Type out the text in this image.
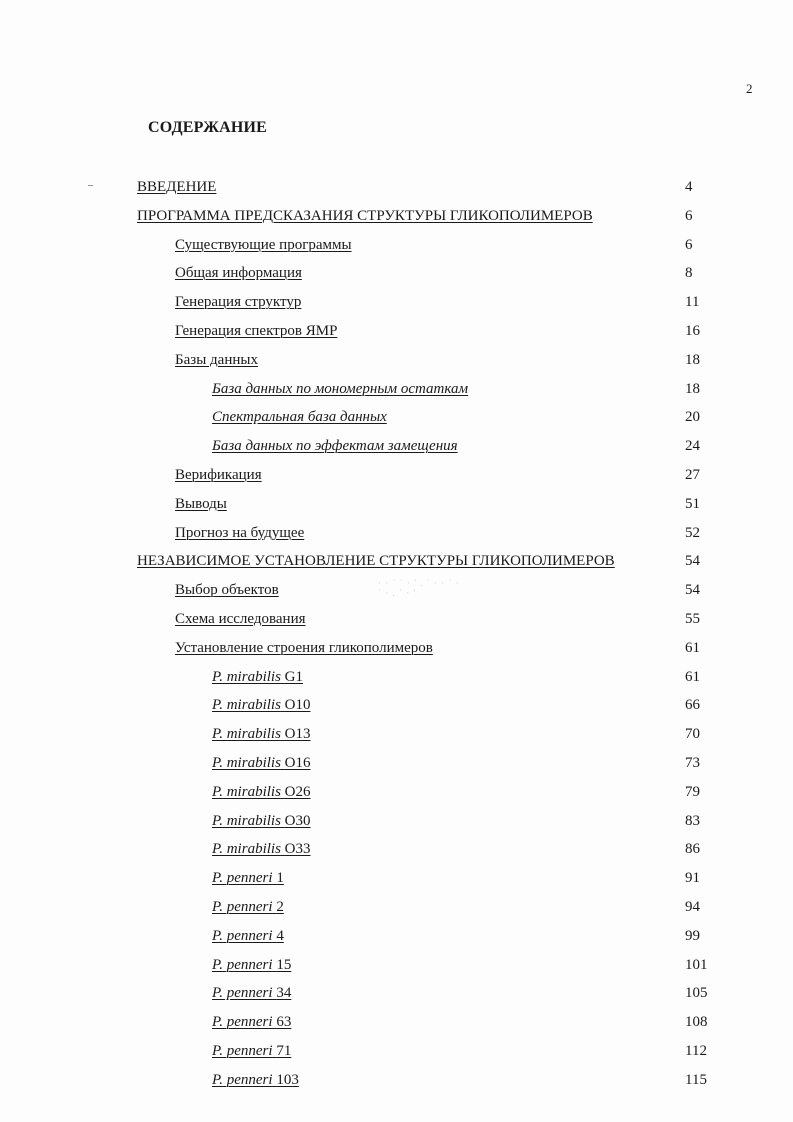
2
СОДЕРЖАНИЕ
ВВЕДЕНИЕ	4
ПРОГРАММА ПРЕДСКАЗАНИЯ СТРУКТУРЫ ГЛИКОПОЛИМЕРОВ	6
Существующие программы	6
Общая информация	8
Генерация структур	11
Генерация спектров ЯМР	16
Базы данных	18
База данных по мономерным остаткам	18
Спектральная база данных	20
База данных по эффектам замещения	24
Верификация	27
Выводы	51
Прогноз на будущее	52
НЕЗАВИСИМОЕ УСТАНОВЛЕНИЕ СТРУКТУРЫ ГЛИКОПОЛИМЕРОВ	54
Выбор объектов	54
Схема исследования	55
Установление строения гликополимеров	61
P. mirabilis G1	61
P. mirabilis O10	66
P. mirabilis O13	70
P. mirabilis O16	73
P. mirabilis O26	79
P. mirabilis O30	83
P. mirabilis O33	86
P. penneri 1	91
P. penneri 2	94
P. penneri 4	99
P. penneri 15	101
P. penneri 34	105
P. penneri 63	108
P. penneri 71	112
P. penneri 103	115
· · ˙ ˙ · ' . ˙ · · ˙ ·
˙ · . ˙ · '
